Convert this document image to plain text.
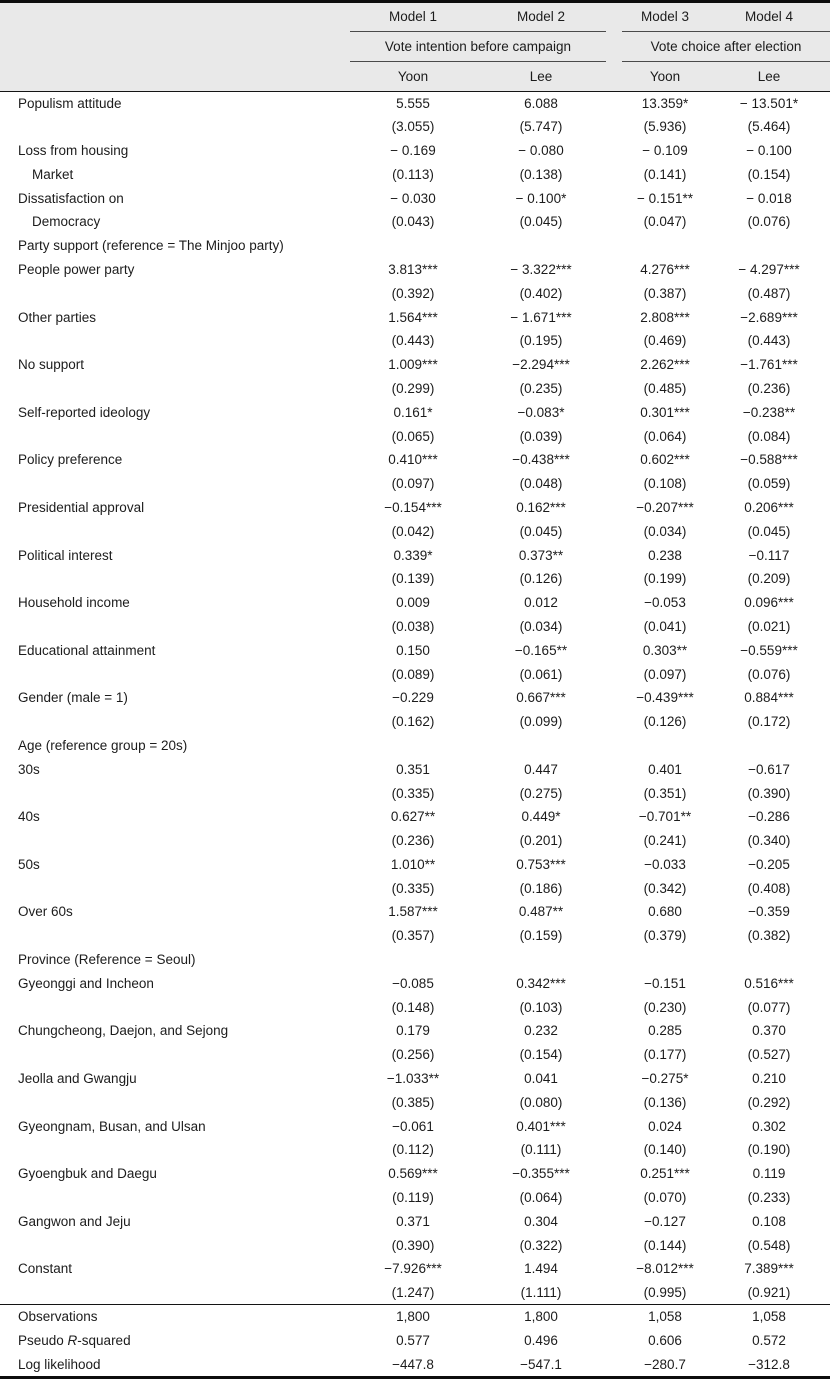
	Model 1	Model 2		Model 3	Model 4
	Vote intention before campaign			Vote choice after election	
	Yoon	Lee		Yoon	Lee
Populism attitude	5.555	6.088		13.359*	− 13.501*
	(3.055)	(5.747)		(5.936)	(5.464)
Loss from housing	− 0.169	− 0.080		− 0.109	− 0.100
Market	(0.113)	(0.138)		(0.141)	(0.154)
Dissatisfaction on	− 0.030	− 0.100*		− 0.151**	− 0.018
Democracy	(0.043)	(0.045)		(0.047)	(0.076)
Party support (reference = The Minjoo party)					
People power party	3.813***	− 3.322***		4.276***	− 4.297***
	(0.392)	(0.402)		(0.387)	(0.487)
Other parties	1.564***	− 1.671***		2.808***	−2.689***
	(0.443)	(0.195)		(0.469)	(0.443)
No support	1.009***	−2.294***		2.262***	−1.761***
	(0.299)	(0.235)		(0.485)	(0.236)
Self-reported ideology	0.161*	−0.083*		0.301***	−0.238**
	(0.065)	(0.039)		(0.064)	(0.084)
Policy preference	0.410***	−0.438***		0.602***	−0.588***
	(0.097)	(0.048)		(0.108)	(0.059)
Presidential approval	−0.154***	0.162***		−0.207***	0.206***
	(0.042)	(0.045)		(0.034)	(0.045)
Political interest	0.339*	0.373**		0.238	−0.117
	(0.139)	(0.126)		(0.199)	(0.209)
Household income	0.009	0.012		−0.053	0.096***
	(0.038)	(0.034)		(0.041)	(0.021)
Educational attainment	0.150	−0.165**		0.303**	−0.559***
	(0.089)	(0.061)		(0.097)	(0.076)
Gender (male = 1)	−0.229	0.667***		−0.439***	0.884***
	(0.162)	(0.099)		(0.126)	(0.172)
Age (reference group = 20s)					
30s	0.351	0.447		0.401	−0.617
	(0.335)	(0.275)		(0.351)	(0.390)
40s	0.627**	0.449*		−0.701**	−0.286
	(0.236)	(0.201)		(0.241)	(0.340)
50s	1.010**	0.753***		−0.033	−0.205
	(0.335)	(0.186)		(0.342)	(0.408)
Over 60s	1.587***	0.487**		0.680	−0.359
	(0.357)	(0.159)		(0.379)	(0.382)
Province (Reference = Seoul)					
Gyeonggi and Incheon	−0.085	0.342***		−0.151	0.516***
	(0.148)	(0.103)		(0.230)	(0.077)
Chungcheong, Daejon, and Sejong	0.179	0.232		0.285	0.370
	(0.256)	(0.154)		(0.177)	(0.527)
Jeolla and Gwangju	−1.033**	0.041		−0.275*	0.210
	(0.385)	(0.080)		(0.136)	(0.292)
Gyeongnam, Busan, and Ulsan	−0.061	0.401***		0.024	0.302
	(0.112)	(0.111)		(0.140)	(0.190)
Gyoengbuk and Daegu	0.569***	−0.355***		0.251***	0.119
	(0.119)	(0.064)		(0.070)	(0.233)
Gangwon and Jeju	0.371	0.304		−0.127	0.108
	(0.390)	(0.322)		(0.144)	(0.548)
Constant	−7.926***	1.494		−8.012***	7.389***
	(1.247)	(1.111)		(0.995)	(0.921)
Observations	1,800	1,800		1,058	1,058
Pseudo R-squared	0.577	0.496		0.606	0.572
Log likelihood	−447.8	−547.1		−280.7	−312.8
